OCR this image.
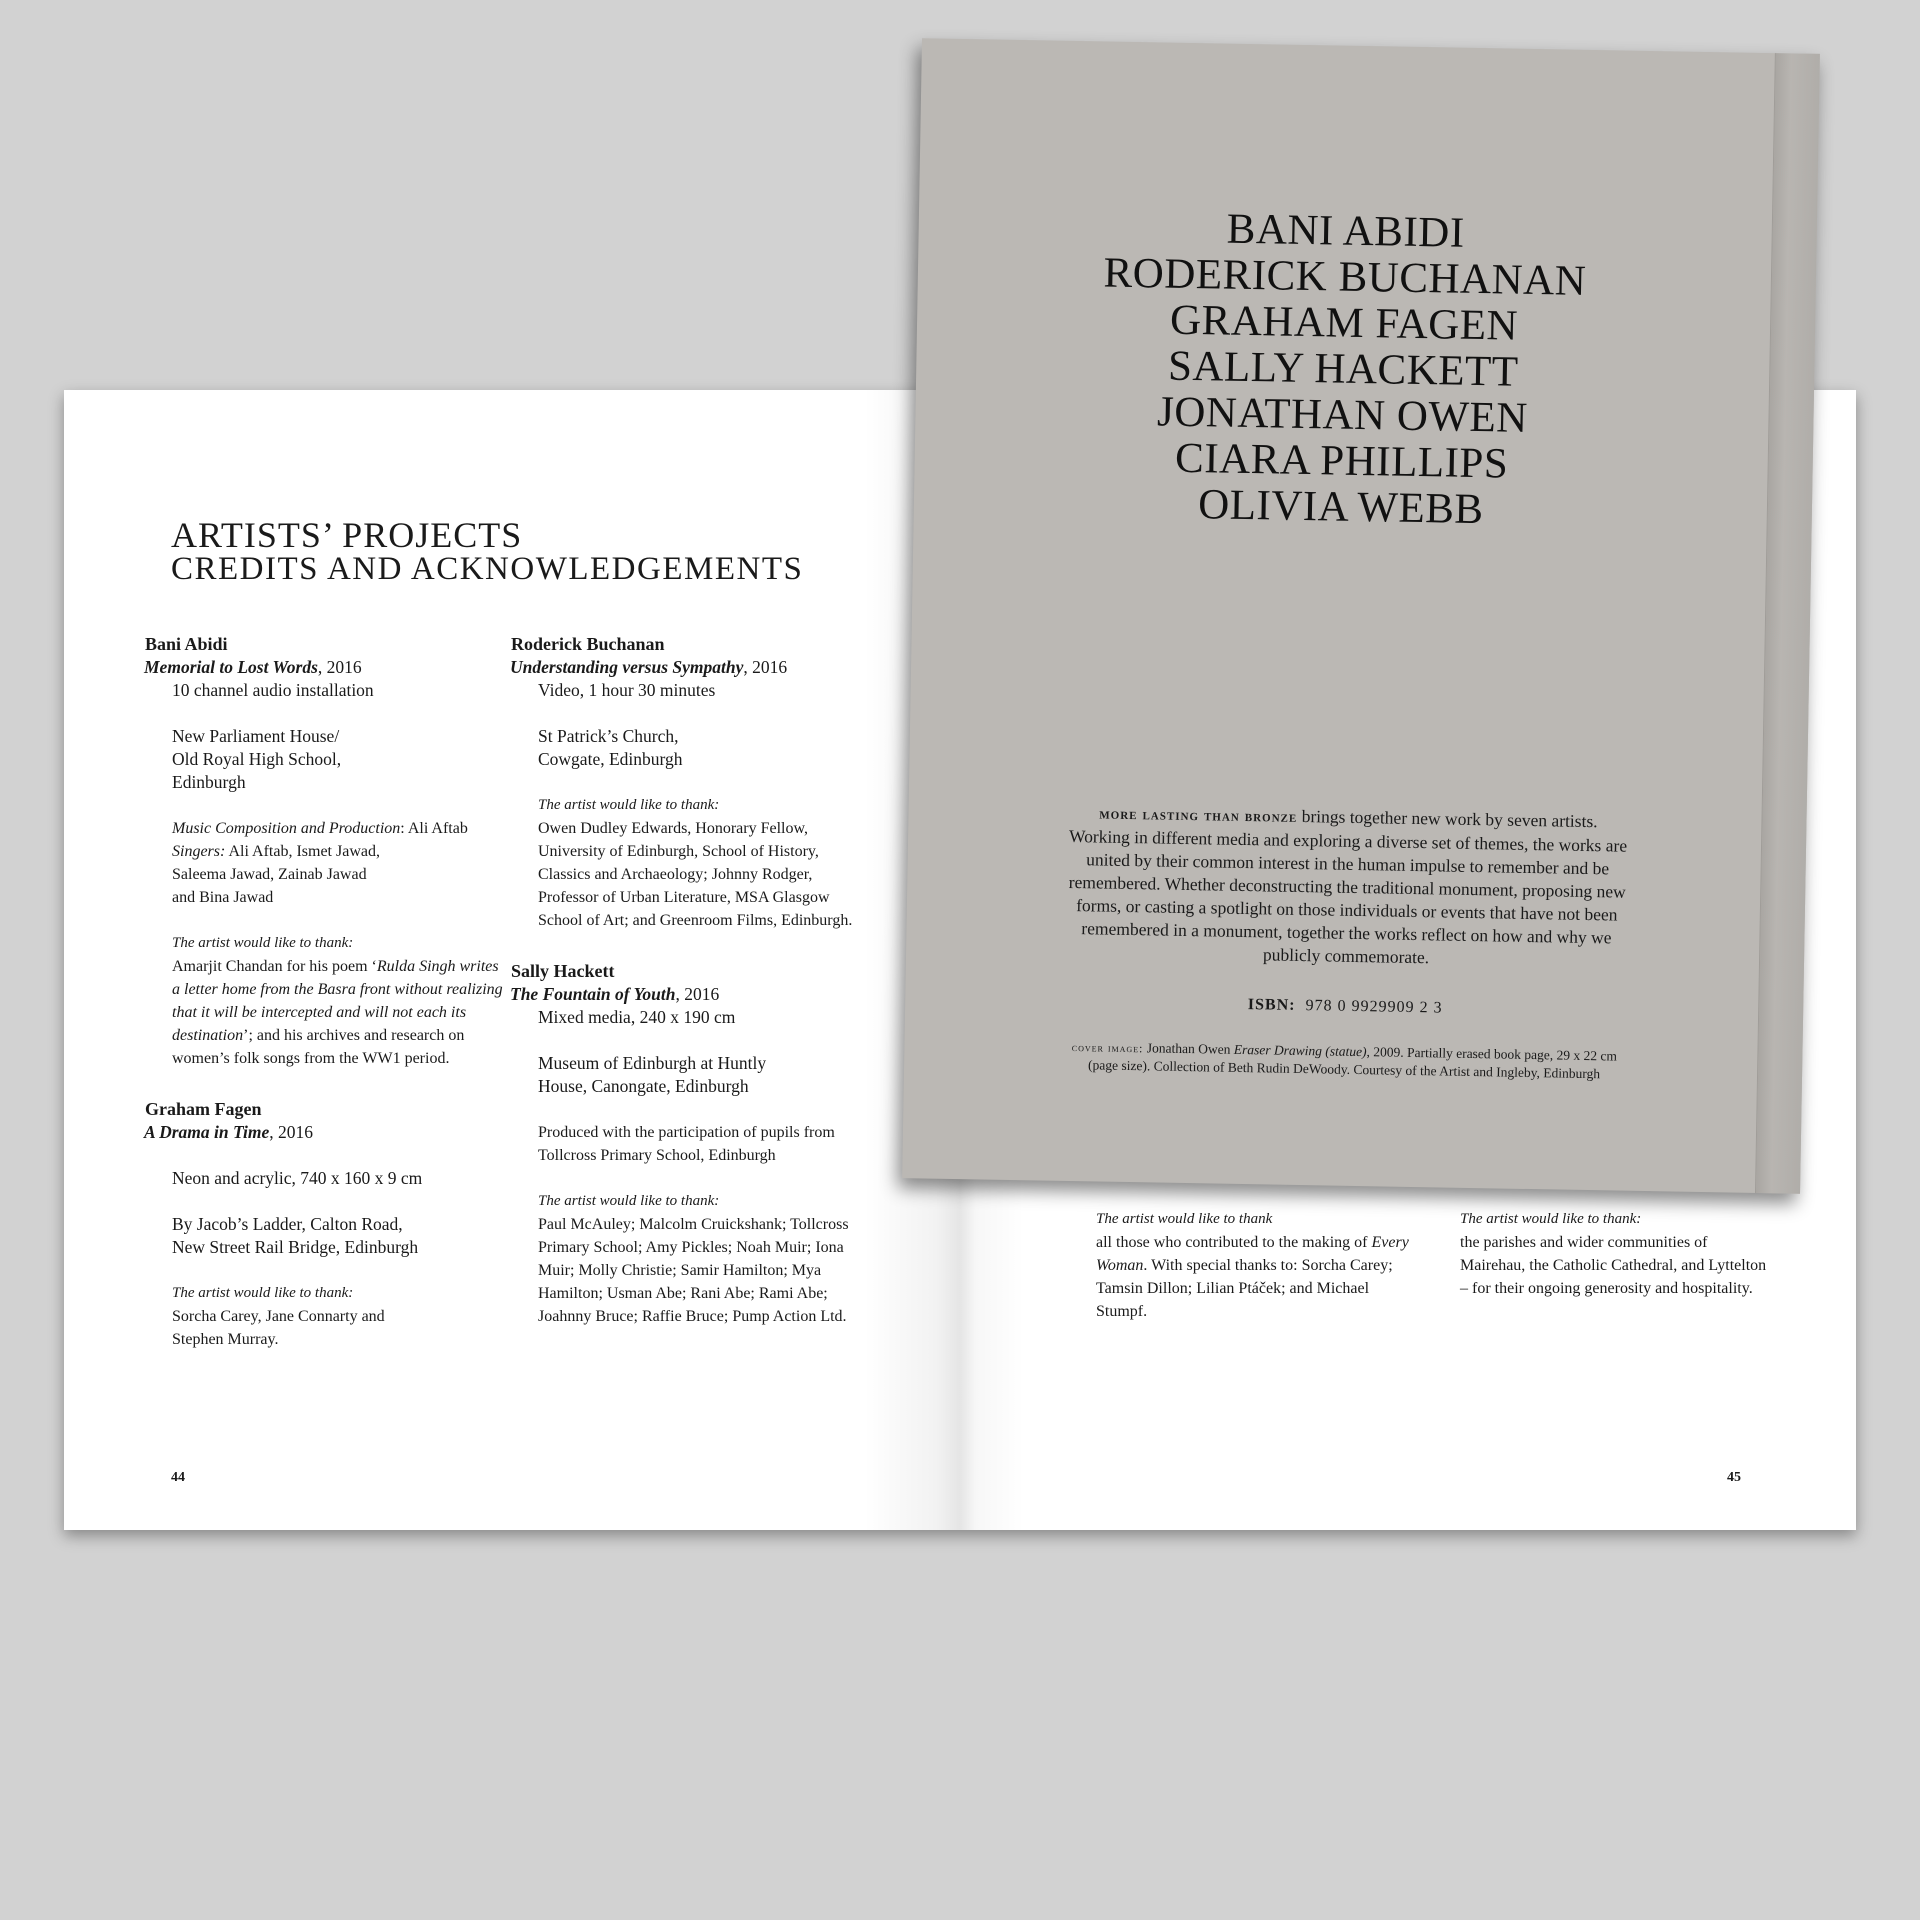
ARTISTS’ PROJECTS
CREDITS AND ACKNOWLEDGEMENTS
Bani Abidi
Memorial to Lost Words, 2016
10 channel audio installation
New Parliament House/
Old Royal High School,
Edinburgh
Music Composition and Production: Ali Aftab
Singers: Ali Aftab, Ismet Jawad,
Saleema Jawad, Zainab Jawad
and Bina Jawad
The artist would like to thank:
Amarjit Chandan for his poem ‘Rulda Singh writes a letter home from the Basra front without realizing that it will be intercepted and will not each its destination’; and his archives and research on women’s folk songs from the WW1 period.
Graham Fagen
A Drama in Time, 2016
Neon and acrylic, 740 x 160 x 9 cm
By Jacob’s Ladder, Calton Road,
New Street Rail Bridge, Edinburgh
The artist would like to thank:
Sorcha Carey, Jane Connarty and
Stephen Murray.
Roderick Buchanan
Understanding versus Sympathy, 2016
Video, 1 hour 30 minutes
St Patrick’s Church,
Cowgate, Edinburgh
The artist would like to thank:
Owen Dudley Edwards, Honorary Fellow, University of Edinburgh, School of History, Classics and Archaeology; Johnny Rodger, Professor of Urban Literature, MSA Glasgow School of Art; and Greenroom Films, Edinburgh.
Sally Hackett
The Fountain of Youth, 2016
Mixed media, 240 x 190 cm
Museum of Edinburgh at Huntly
House, Canongate, Edinburgh
Produced with the participation of pupils from Tollcross Primary School, Edinburgh
The artist would like to thank:
Paul McAuley; Malcolm Cruickshank; Tollcross Primary School; Amy Pickles; Noah Muir; Iona Muir; Molly Christie; Samir Hamilton; Mya Hamilton; Usman Abe; Rani Abe; Rami Abe; Joahnny Bruce; Raffie Bruce; Pump Action Ltd.
44
The artist would like to thank
all those who contributed to the making of Every Woman. With special thanks to: Sorcha Carey; Tamsin Dillon; Lilian Ptáček; and Michael Stumpf.
The artist would like to thank:
the parishes and wider communities of Mairehau, the Catholic Cathedral, and Lyttelton – for their ongoing generosity and hospitality.
45
BANI ABIDI
RODERICK BUCHANAN
GRAHAM FAGEN
SALLY HACKETT
JONATHAN OWEN
CIARA PHILLIPS
OLIVIA WEBB
more lasting than bronze brings together new work by seven artists. Working in different media and exploring a diverse set of themes, the works are united by their common interest in the human impulse to remember and be remembered. Whether deconstructing the traditional monument, proposing new forms, or casting a spotlight on those individuals or events that have not been remembered in a monument, together the works reflect on how and why we publicly commemorate.
ISBN: 978 0 9929909 2 3
cover image: Jonathan Owen Eraser Drawing (statue), 2009. Partially erased book page, 29 x 22 cm (page size). Collection of Beth Rudin DeWoody. Courtesy of the Artist and Ingleby, Edinburgh
